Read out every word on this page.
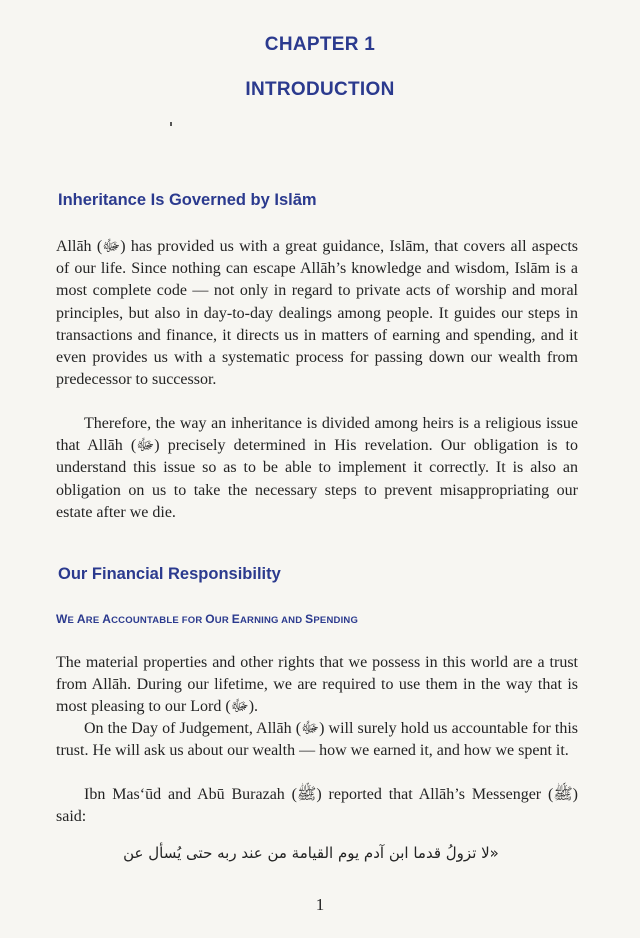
CHAPTER 1
INTRODUCTION
Inheritance Is Governed by Islām
Allāh (ﷻ) has provided us with a great guidance, Islām, that covers all aspects of our life. Since nothing can escape Allāh’s knowledge and wisdom, Islām is a most complete code — not only in regard to private acts of worship and moral principles, but also in day-to-day dealings among people. It guides our steps in transactions and finance, it directs us in matters of earning and spending, and it even provides us with a systematic process for passing down our wealth from predecessor to successor.
Therefore, the way an inheritance is divided among heirs is a religious issue that Allāh (ﷻ) precisely determined in His revelation. Our obligation is to understand this issue so as to be able to implement it correctly. It is also an obligation on us to take the necessary steps to prevent misappropriating our estate after we die.
Our Financial Responsibility
WE ARE ACCOUNTABLE FOR OUR EARNING AND SPENDING
The material properties and other rights that we possess in this world are a trust from Allāh. During our lifetime, we are required to use them in the way that is most pleasing to our Lord (ﷻ).
On the Day of Judgement, Allāh (ﷻ) will surely hold us accountable for this trust. He will ask us about our wealth — how we earned it, and how we spent it.
Ibn Mas‘ūd and Abū Burazah (ﷺ) reported that Allāh’s Messenger (ﷺ) said:
«لا تزولُ قدما ابن آدم يوم القيامة من عند ربه حتى يُسأل عن
1
